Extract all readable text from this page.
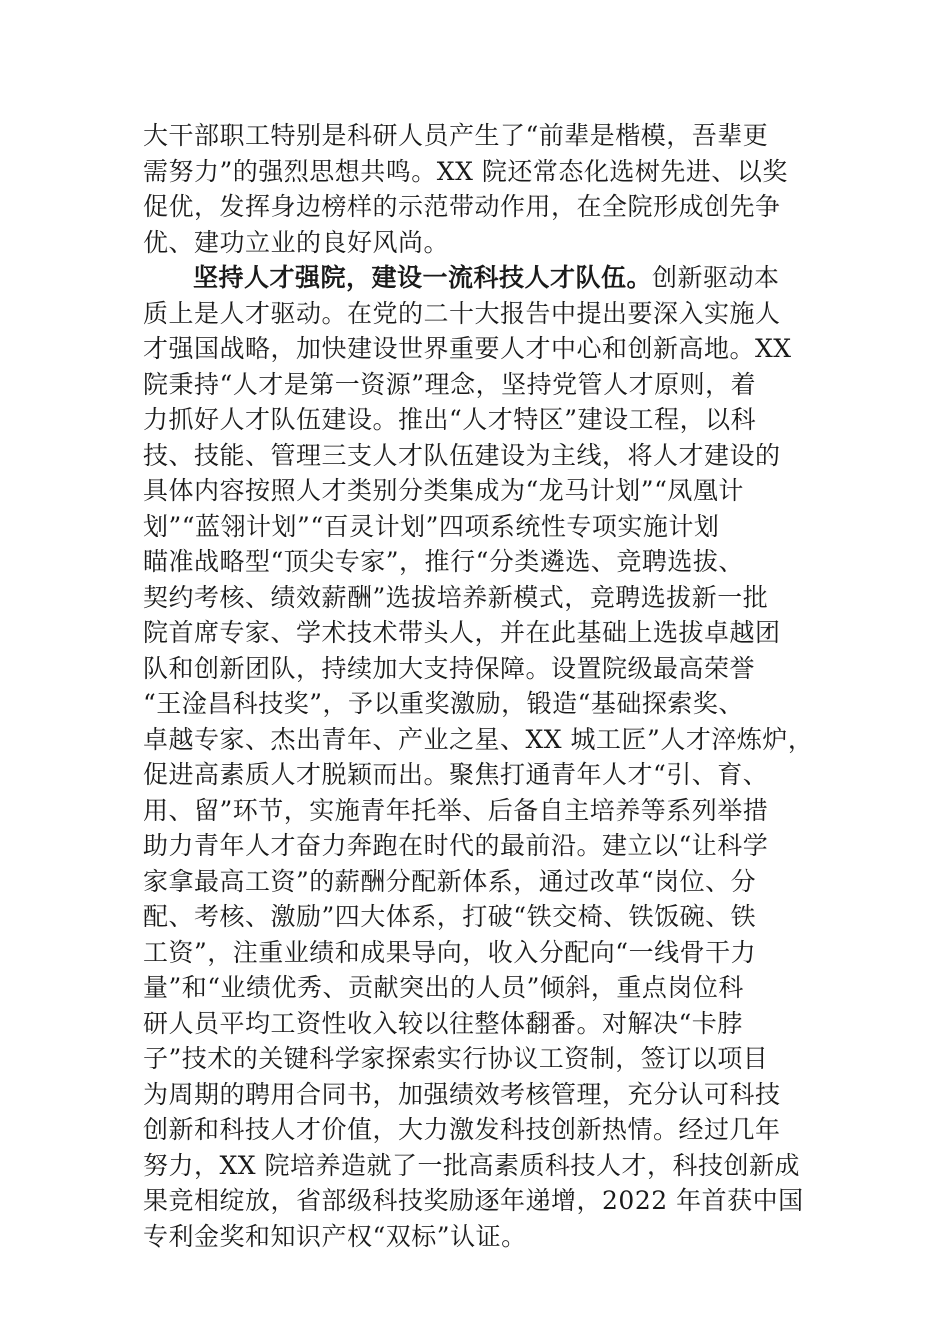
大干部职工特别是科研人员产生了“前辈是楷模，吾辈更
需努力”的强烈思想共鸣。XX 院还常态化选树先进、以奖
促优，发挥身边榜样的示范带动作用，在全院形成创先争
优、建功立业的良好风尚。
坚持人才强院，建设一流科技人才队伍。创新驱动本
质上是人才驱动。在党的二十大报告中提出要深入实施人
才强国战略，加快建设世界重要人才中心和创新高地。XX
院秉持“人才是第一资源”理念，坚持党管人才原则，着
力抓好人才队伍建设。推出“人才特区”建设工程，以科
技、技能、管理三支人才队伍建设为主线，将人才建设的
具体内容按照人才类别分类集成为“龙马计划”“凤凰计
划”“蓝翎计划”“百灵计划”四项系统性专项实施计划
瞄准战略型“顶尖专家”，推行“分类遴选、竞聘选拔、
契约考核、绩效薪酬”选拔培养新模式，竞聘选拔新一批
院首席专家、学术技术带头人，并在此基础上选拔卓越团
队和创新团队，持续加大支持保障。设置院级最高荣誉
“王淦昌科技奖”，予以重奖激励，锻造“基础探索奖、
卓越专家、杰出青年、产业之星、XX 城工匠”人才淬炼炉，
促进高素质人才脱颖而出。聚焦打通青年人才“引、育、
用、留”环节，实施青年托举、后备自主培养等系列举措
助力青年人才奋力奔跑在时代的最前沿。建立以“让科学
家拿最高工资”的薪酬分配新体系，通过改革“岗位、分
配、考核、激励”四大体系，打破“铁交椅、铁饭碗、铁
工资”，注重业绩和成果导向，收入分配向“一线骨干力
量”和“业绩优秀、贡献突出的人员”倾斜，重点岗位科
研人员平均工资性收入较以往整体翻番。对解决“卡脖
子”技术的关键科学家探索实行协议工资制，签订以项目
为周期的聘用合同书，加强绩效考核管理，充分认可科技
创新和科技人才价值，大力激发科技创新热情。经过几年
努力，XX 院培养造就了一批高素质科技人才，科技创新成
果竞相绽放，省部级科技奖励逐年递增，2022 年首获中国
专利金奖和知识产权“双标”认证。
